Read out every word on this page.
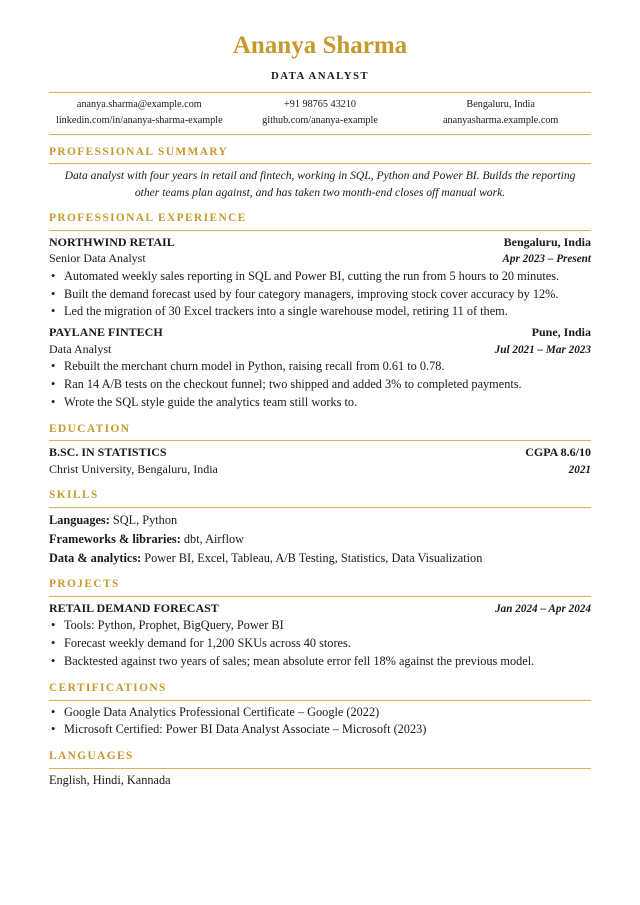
Ananya Sharma
DATA ANALYST
ananya.sharma@example.com	+91 98765 43210	Bengaluru, India
linkedin.com/in/ananya-sharma-example	github.com/ananya-example	ananyasharma.example.com
PROFESSIONAL SUMMARY
Data analyst with four years in retail and fintech, working in SQL, Python and Power BI. Builds the reporting other teams plan against, and has taken two month-end closes off manual work.
PROFESSIONAL EXPERIENCE
NORTHWIND RETAIL	Bengaluru, India
Senior Data Analyst	Apr 2023 – Present
• Automated weekly sales reporting in SQL and Power BI, cutting the run from 5 hours to 20 minutes.
• Built the demand forecast used by four category managers, improving stock cover accuracy by 12%.
• Led the migration of 30 Excel trackers into a single warehouse model, retiring 11 of them.
PAYLANE FINTECH	Pune, India
Data Analyst	Jul 2021 – Mar 2023
• Rebuilt the merchant churn model in Python, raising recall from 0.61 to 0.78.
• Ran 14 A/B tests on the checkout funnel; two shipped and added 3% to completed payments.
• Wrote the SQL style guide the analytics team still works to.
EDUCATION
B.SC. IN STATISTICS	CGPA 8.6/10
Christ University, Bengaluru, India	2021
SKILLS
Languages: SQL, Python
Frameworks & libraries: dbt, Airflow
Data & analytics: Power BI, Excel, Tableau, A/B Testing, Statistics, Data Visualization
PROJECTS
RETAIL DEMAND FORECAST	Jan 2024 – Apr 2024
• Tools: Python, Prophet, BigQuery, Power BI
• Forecast weekly demand for 1,200 SKUs across 40 stores.
• Backtested against two years of sales; mean absolute error fell 18% against the previous model.
CERTIFICATIONS
• Google Data Analytics Professional Certificate – Google (2022)
• Microsoft Certified: Power BI Data Analyst Associate – Microsoft (2023)
LANGUAGES
English, Hindi, Kannada
